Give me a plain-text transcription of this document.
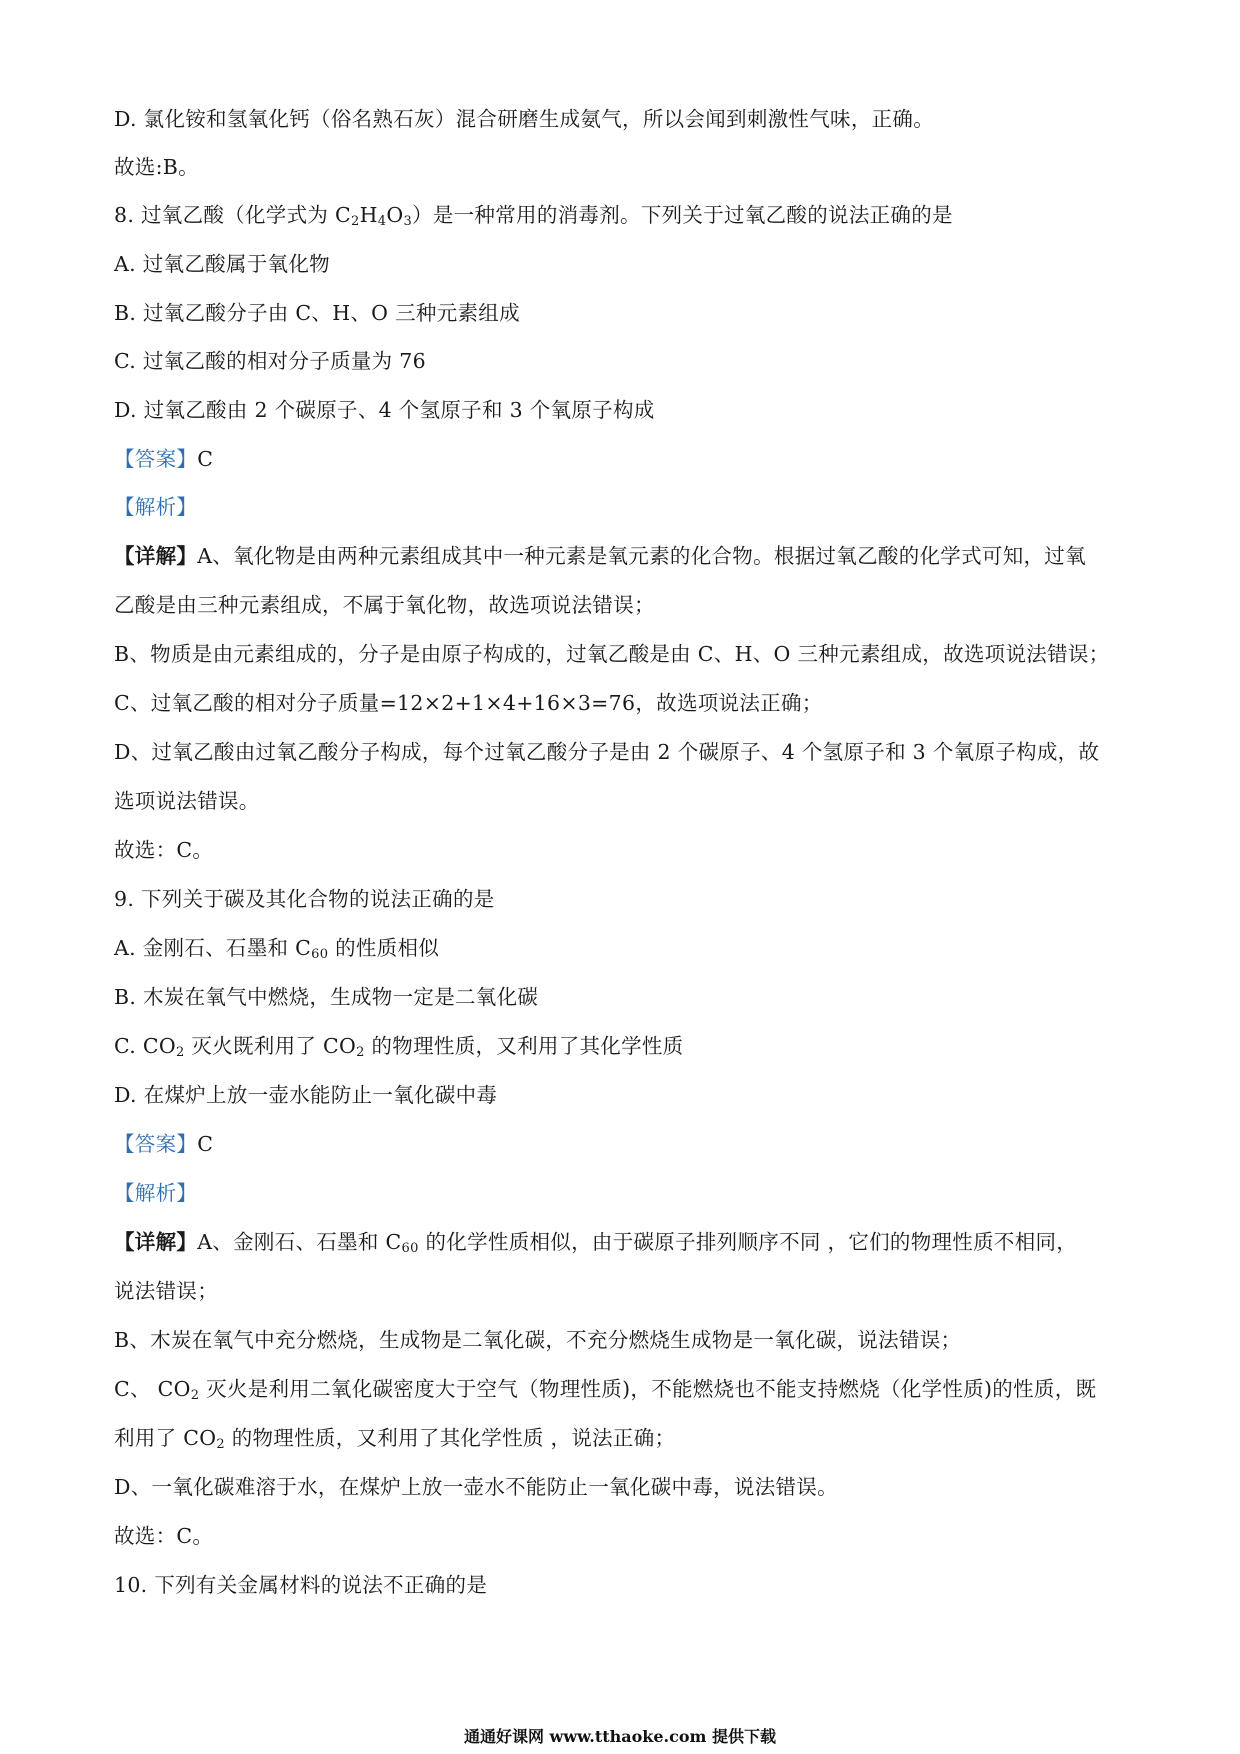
D. 氯化铵和氢氧化钙（俗名熟石灰）混合研磨生成氨气，所以会闻到刺激性气味，正确。
故选:B。
8. 过氧乙酸（化学式为 $C_2H_4O_3$）是一种常用的消毒剂。下列关于过氧乙酸的说法正确的是
A. 过氧乙酸属于氧化物
B. 过氧乙酸分子由 C、H、O 三种元素组成
C. 过氧乙酸的相对分子质量为 76
D. 过氧乙酸由 2 个碳原子、4 个氢原子和 3 个氧原子构成
【答案】C
【解析】
【详解】A、氧化物是由两种元素组成其中一种元素是氧元素的化合物。根据过氧乙酸的化学式可知，过氧
乙酸是由三种元素组成，不属于氧化物，故选项说法错误；
B、物质是由元素组成的，分子是由原子构成的，过氧乙酸是由 C、H、O 三种元素组成，故选项说法错误；
C、过氧乙酸的相对分子质量=12×2+1×4+16×3=76，故选项说法正确；
D、过氧乙酸由过氧乙酸分子构成，每个过氧乙酸分子是由 2 个碳原子、4 个氢原子和 3 个氧原子构成，故
选项说法错误。
故选：C。
9. 下列关于碳及其化合物的说法正确的是
A. 金刚石、石墨和 $C_{60}$ 的性质相似
B. 木炭在氧气中燃烧，生成物一定是二氧化碳
C. $CO_2$ 灭火既利用了 $CO_2$ 的物理性质，又利用了其化学性质
D. 在煤炉上放一壶水能防止一氧化碳中毒
【答案】C
【解析】
【详解】A、金刚石、石墨和 $C_{60}$ 的化学性质相似，由于碳原子排列顺序不同 ，它们的物理性质不相同，
说法错误；
B、木炭在氧气中充分燃烧，生成物是二氧化碳，不充分燃烧生成物是一氧化碳，说法错误；
C、 $CO_2$ 灭火是利用二氧化碳密度大于空气（物理性质)，不能燃烧也不能支持燃烧（化学性质)的性质，既
利用了 $CO_2$ 的物理性质，又利用了其化学性质 ，说法正确；
D、一氧化碳难溶于水，在煤炉上放一壶水不能防止一氧化碳中毒，说法错误。
故选：C。
10. 下列有关金属材料的说法不正确的是
通通好课网 www.tthaoke.com 提供下载
